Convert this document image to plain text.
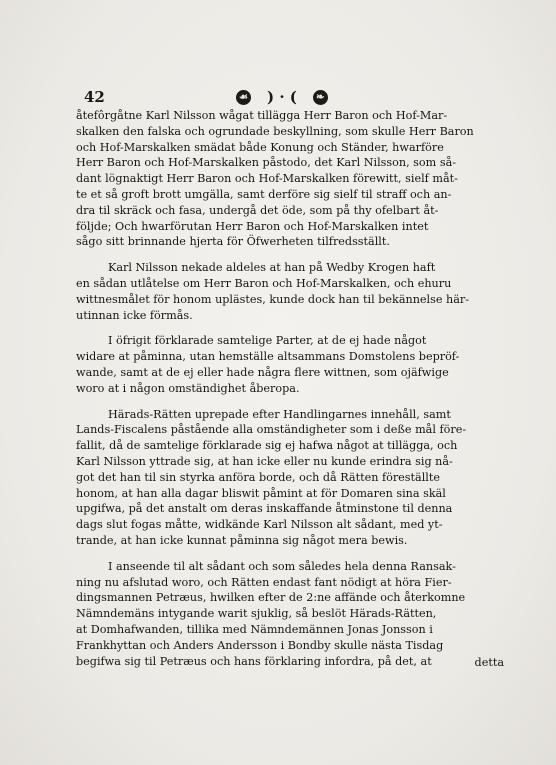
42	☙ ) · (	❧
åtefôrgåtne Karl Nilsson wågat tillägga Herr Baron och Hof-Mar-
skalken den falska och ogrundade beskyllning, som skulle Herr Baron
och Hof-Marskalken smädat både Konung och Ständer, hwarföre
Herr Baron och Hof-Marskalken påstodo, det Karl Nilsson, som så-
dant lögnaktigt Herr Baron och Hof-Marskalken förewitt, sielf måt-
te et så groft brott umgälla, samt derföre sig sielf til straff och an-
dra til skräck och fasa, undergå det öde, som på thy ofelbart åt-
följde; Och hwarförutan Herr Baron och Hof-Marskalken intet
sågo sitt brinnande hjerta för Öfwerheten tilfredsställt.
Karl Nilsson nekade aldeles at han på Wedby Krogen haft
en sådan utlåtelse om Herr Baron och Hof-Marskalken, och ehuru
wittnesmålet för honom uplästes, kunde dock han til bekännelse här-
utinnan icke förmås.
I öfrigit förklarade samtelige Parter, at de ej hade något
widare at påminna, utan hemställe altsammans Domstolens bepröf-
wande, samt at de ej eller hade några flere wittnen, som ojäfwige
woro at i någon omständighet åberopa.
Härads-Rätten uprepade efter Handlingarnes innehåll, samt
Lands-Fiscalens påstående alla omständigheter som i deße mål före-
fallit, då de samtelige förklarade sig ej hafwa något at tillägga, och
Karl Nilsson yttrade sig, at han icke eller nu kunde erindra sig nå-
got det han til sin styrka anföra borde, och då Rätten föreställte
honom, at han alla dagar bliswit påmint at för Domaren sina skäl
upgifwa, på det anstalt om deras inskaffande åtminstone til denna
dags slut fogas måtte, widkände Karl Nilsson alt sådant, med yt-
trande, at han icke kunnat påminna sig något mera bewis.
I anseende til alt sådant och som således hela denna Ransak-
ning nu afslutad woro, och Rätten endast fant nödigt at höra Fier-
dingsmannen Petræus, hwilken efter de 2:ne affände och återkomne
Nämndemäns intygande warit sjuklig, så beslöt Härads-Rätten,
at Domhafwanden, tillika med Nämndemännen Jonas Jonsson i
Frankhyttan och Anders Andersson i Bondby skulle nästa Tisdag
begifwa sig til Petræus och hans förklaring infordra, på det, at	detta
